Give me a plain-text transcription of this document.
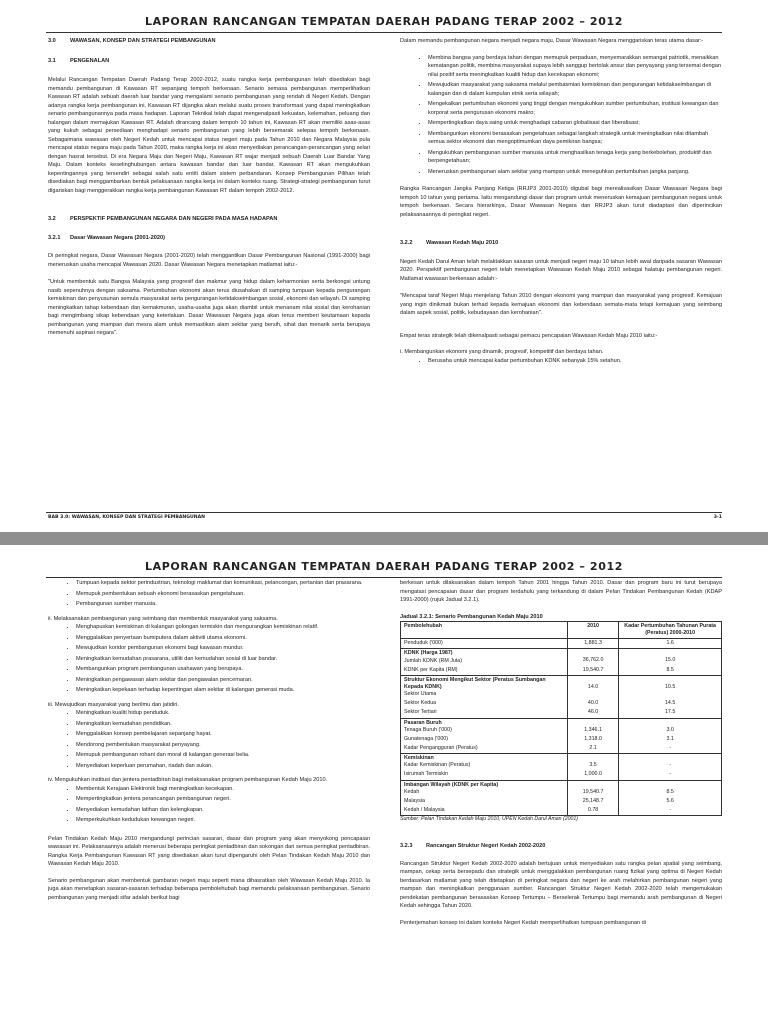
LAPORAN RANCANGAN TEMPATAN DAERAH PADANG TERAP 2002 – 2012
3.0	WAWASAN, KONSEP DAN STRATEGI PEMBANGUNAN
3.1	PENGENALAN

Melalui Rancangan Tempatan Daerah Padang Terap 2002-2012, suatu rangka kerja pembangunan telah disediakan bagi memandu pembangunan di Kawasan RT sepanjang tempoh berkenaan. Senario semasa pembangunan memperlihatkan Kawasan RT adalah sebuah daerah luar bandar yang mengalami senario pembangunan yang rendah di Negeri Kedah. Dengan adanya rangka kerja pembangunan ini, Kawasan RT dijangka akan melalui suatu proses transformasi yang dapat meningkatkan senario pembangunannya pada masa hadapan. Laporan Teknikal telah dapat mengenalpasti kekuatan, kelemahan, peluang dan halangan dalam memajukan Kawasan RT. Adalah dirancang dalam tempoh 10 tahun ini, Kawasan RT akan memiliki asas-asas yang kukuh sebagai persediaan menghadapi senario pembangunan yang lebih bersemarak selepas tempoh berkenaan. Sebagaimana wawasan oleh Negeri Kedah untuk mencapai status negeri maju pada Tahun 2010 dan Negara Malaysia pula mencapai status negara maju pada Tahun 2020, maka rangka kerja ini akan menyediakan perancangan-perancangan yang selari dengan hasrat tersebut. Di era Negara Maju dan Negeri Maju, Kawasan RT wajar menjadi sebuah Daerah Luar Bandar Yang Maju. Dalam konteks keselinghubungan antara kawasan bandar dan luar bandar, Kawasan RT akan mengukuhkan kepentingannya yang tersendiri sebagai salah satu entiti dalam sistem perbandaran. Konsep Pembangunan Pilihan telah disediakan bagi menggambarkan bentuk pelaksanaan rangka kerja ini dalam konteks ruang. Strategi-strategi pembangunan turut digariskan bagi menggerakkan rangka kerja pembangunan Kawasan RT dalam tempoh 2002-2012.

3.2	PERSPEKTIF PEMBANGUNAN NEGARA DAN NEGERI PADA MASA HADAPAN
3.2.1	Dasar Wawasan Negara (2001-2020)

Di peringkat negara, Dasar Wawasan Negara (2001-2020) telah menggantikan Dasar Pembangunan Nasional (1991-2000) bagi meneruskan usaha mencapai Wawasan 2020. Dasar Wawasan Negara menetapkan matlamat iaitu:-

"Untuk membentuk satu Bangsa Malaysia yang progresif dan makmur yang hidup dalam keharmonian serta berkongsi untung nasib sepenuhnya dengan saksama. Pertumbuhan ekonomi akan terus diusahakan di samping tumpuan kepada pengurangan kemiskinan dan penyusunan semula masyarakat serta pengurangan ketidakseimbangan sosial, ekonomi dan wilayah. Di samping meningkatkan tahap kebendaan dan kemakmuran, usaha-usaha juga akan diambil untuk menanam nilai sosial dan kerohanian bagi mengimbang sikap kebendaan yang keterlaluan. Dasar Wawasan Negara juga akan terus memberi keutamaan kepada pembangunan yang mampan dan mesra alam untuk memastikan alam sekitar yang bersih, sihat dan menarik serta berupaya memenuhi aspirasi negara".

Dalam memandu pembangunan negara menjadi negara maju, Dasar Wawasan Negara menggariskan teras utama dasar:-

• Membina bangsa yang berdaya tahan dengan memupuk perpaduan, menyemarakkan semangat patriotik, menaikkan kematangan politik, membina masyarakat supaya lebih sanggup bertolak ansur dan penyayang yang tersemai dengan nilai positif serta meningkatkan kualiti hidup dan kecekapan ekonomi;
• Mewujudkan masyarakat yang saksama melalui pembasmian kemiskinan dan pengurangan ketidakseimbangan di kalangan dan di dalam kumpulan etnik serta wilayah;
• Mengekalkan pertumbuhan ekonomi yang tinggi dengan mengukuhkan sumber pertumbuhan, institusi kewangan dan korporat serta pengurusan ekonomi makro;
• Mempertingkatkan daya saing untuk menghadapi cabaran globalisasi dan liberalisasi;
• Membangunkan ekonomi berasaskan pengetahuan sebagai langkah strategik untuk meningkatkan nilai ditambah semua sektor ekonomi dan mengoptimumkan daya pemikiran bangsa;
• Mengukuhkan pembangunan sumber manusia untuk menghasilkan tenaga kerja yang berkebolehan, produktif dan berpengetahuan;
• Meneruskan pembangunan alam sekitar yang mampan untuk meneguhkan pertumbuhan jangka panjang.

Rangka Rancangan Jangka Panjang Ketiga (RRJP3 2001-2010) digubal bagi merealisasikan Dasar Wawasan Negara bagi tempoh 10 tahun yang pertama. Iaitu mengandungi dasar dan program untuk meneruskan kemajuan pembangunan negara untuk tempoh berkenaan. Secara hierarkinya, Dasar Wawasan Negara dan RRJP3 akan turut diadaptasi dan diperincikan pelaksanaannya di peringkat negeri.

3.2.2	Wawasan Kedah Maju 2010

Negeri Kedah Darul Aman telah melaktakkan sasaran untuk menjadi negeri maju 10 tahun lebih awal daripada sasaran Wawasan 2020. Perspektif pembangunan negeri telah menetapkan Wawasan Kedah Maju 2010 sebagai halatuju pembangunan negeri. Matlamat wawasan berkenaan adalah:-

"Mencapai taraf Negeri Maju menjelang Tahun 2010 dengan ekonomi yang mampan dan masyarakat yang progresif. Kemajuan yang ingin dinikmati bukan terhad kepada kemajuan ekonomi dan kebendaan semata-mata tetapi kemajuan yang seimbang dalam aspek sosial, politik, kebudayaan dan kerohanian".

Empat teras strategik telah dikenalpasti sebagai pemacu pencapaian Wawasan Kedah Maju 2010 iaitu:-

i. Membangunkan ekonomi yang dinamik, progresif, kompetitif dan berdaya tahan.

• Berusaha untuk mencapai kadar pertumbuhan KDNK sebanyak 15% setahun.
BAB 3.0: WAWASAN, KONSEP DAN STRATEGI PEMBANGUNAN	3-1
LAPORAN RANCANGAN TEMPATAN DAERAH PADANG TERAP 2002 – 2012
• Tumpuan kepada sektor perindustrian, teknologi maklumat dan komunikasi, pelancongan, pertanian dan prasarana.
• Memupuk pembentukan sebuah ekonomi berasaskan pengetahuan.
• Pembangunan sumber manusia.

ii. Melaksanakan pembangunan yang seimbang dan membentuk masyarakat yang saksama.

• Menghapuskan kemiskinan di kalangan golongan termiskin dan mengurangkan kemiskinan relatif.
• Menggalakkan penyertaan bumiputera dalam aktiviti utama ekonomi.
• Mewujudkan koridor pembangunan ekonomi bagi kawasan mundur.
• Meningkatkan kemudahan prasarana, utiliti dan kemudahan sosial di luar bandar.
• Membangunkan program pembangunan usahawan yang berupaya.
• Meningkatkan pengawasan alam sekitar dan pengawalan pencemaran.
• Meningkatkan kepekaan terhadap kepentingan alam sekitar di kalangan generasi muda.

iii. Mewujudkan masyarakat yang berilmu dan jatidiri.

• Meningkatkan kualiti hidup penduduk.
• Meningkatkan kemudahan pendidikan.
• Menggalakkan konsep pembelajaran sepanjang hayat.
• Mendorong pembentukan masyarakat penyayang.
• Memupuk pembangunan rohani dan moral di kalangan generasi belia.
• Menyediakan keperluan perumahan, riadah dan sukan.

iv. Mengukuhkan institusi dan jentera pentadbiran bagi melaksanakan program pembangunan Kedah Maju 2010.

• Membentuk Kerajaan Elektronik bagi meningkatkan kecekapan.
• Mempertingkatkan jentera perancangan pembangunan negeri.
• Menyediakan kemudahan latihan dan kelengkapan.
• Memperkukuhkan kedudukan kewangan negeri.

Pelan Tindakan Kedah Maju 2010 mengandungi perincian sasaran, dasar dan program yang akan menyokong pencapaian wawasan ini. Pelaksanaannya adalah menerusi beberapa peringkat pentadbiran dan sokongan dari semua peringkat pentadbiran. Rangka Kerja Pembangunan Kawasan RT yang disediakan akan turut dipengaruhi oleh Pelan Tindakan Kedah Maju 2010 dan Wawasan Kedah Maju 2010.

Senario pembangunan akan membentuk gambaran negeri maju seperti mana dihasratkan oleh Wawasan Kedah Maju 2010. Ia juga akan menetapkan sasaran-sasaran terhadap beberapa pembolehubah bagi memandu pelaksanaan pembangunan. Senario pembangunan yang menjadi sifar adalah berikut bagi

berkesan untuk dilaksanakan dalam tempoh Tahun 2001 hingga Tahun 2010. Dasar dan program baru ini turut berupaya mengatasi pencapaian dasar dan program terdahulu yang terkandung di dalam Pelan Tindakan Pembangunan Kedah (KDAP 1991-2000) (rujuk Jadual 3.2.1).

Jadual 3.2.1: Senario Pembangunan Kedah Maju 2010
Pembolehubah	2010	Kadar Pertumbuhan Tahunan Purata (Peratus) 2000-2010

Penduduk ('000)	1,881.3	1.6

KDNK (Harga 1987)
Jumlah KDNK (RM Juta)	36,762.0	15.0

KDNK per Kapita (RM)	19,540.7	8.5

Struktur Ekonomi Mengikut Sektor (Peratus Sumbangan Kepada KDNK)
Sektor Utama	14.0	10.5

Sektor Kedua	40.0	14.5

Sektor Tertiari	46.0	17.5

Pasaran Buruh
Tenaga Buruh ('000)	1,346.1	3.0

Gunatenaga ('000)	1,318.0	3.1

Kadar Pengangguran (Peratus)	2.1	-

Kemiskinan
Kadar Kemiskinan (Peratus)	3.5	-

Isirumah Termiskin	1,000.0	-

Imbangan Wilayah (KDNK per Kapita)
Kedah	19,540.7	8.5

Malaysia	25,148.7	5.6

Kedah / Malaysia	0.78	-
Sumber: Pelan Tindakan Kedah Maju 2010, UPEN Kedah Darul Aman (2001)
3.2.3	Rancangan Struktur Negeri Kedah 2002-2020

Rancangan Struktur Negeri Kedah 2002-2020 adalah bertujuan untuk menyediakan satu rangka pelan spatial yang seimbang, mampan, cekap serta bersepadu dan strategik untuk menggalakkan pembangunan ruang fizikal yang optima di Negeri Kedah berdasarkan matlamat yang telah ditetapkan di peringkat negara dan negeri ke arah melahirkan pembangunan negeri yang mampan dan meningkatkan penggunaan sumber. Rancangan Struktur Negeri Kedah 2002-2020 telah mengemukakan pendekatan pembangunan berasaskan Konsep Tertumpu – Berselerak Tertumpu bagi memandu arah pembangunan di Negeri Kedah sehingga Tahun 2020.

Penterjemahan konsep ini dalam konteks Negeri Kedah memperlihatkan tumpuan pembangunan di
